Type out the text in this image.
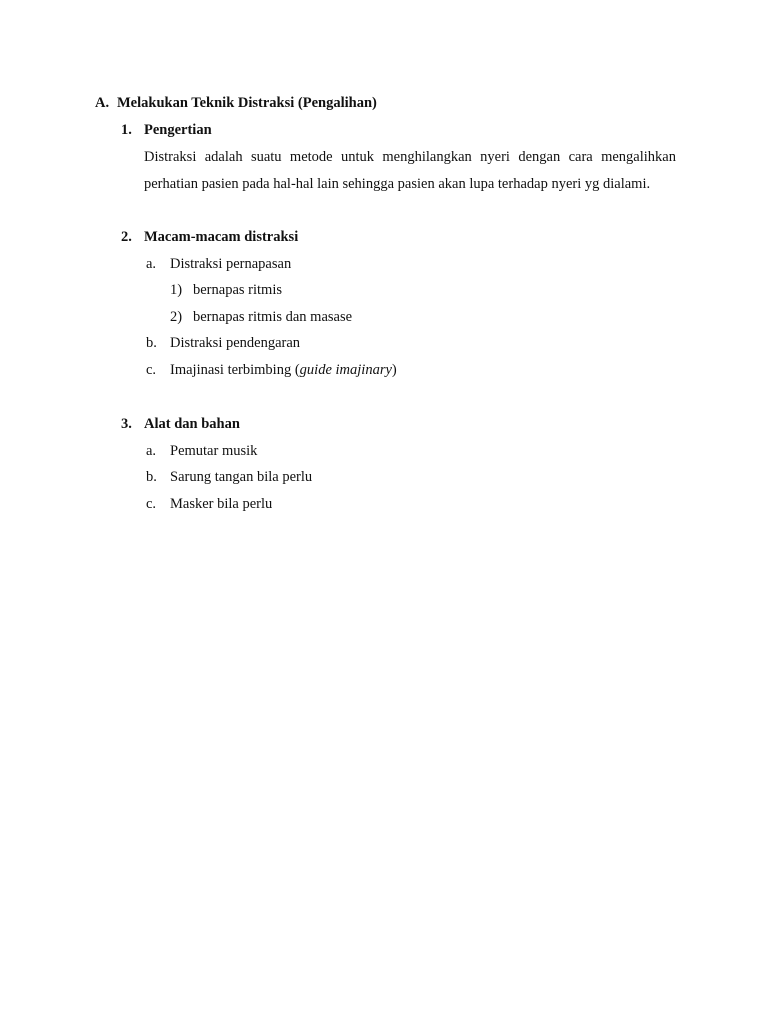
A. Melakukan Teknik Distraksi (Pengalihan)
1. Pengertian
Distraksi adalah suatu metode untuk menghilangkan nyeri dengan cara mengalihkan
perhatian pasien pada hal-hal lain sehingga pasien akan lupa terhadap nyeri yg dialami.
2. Macam-macam distraksi
a. Distraksi pernapasan
1) bernapas ritmis
2) bernapas ritmis dan masase
b. Distraksi pendengaran
c. Imajinasi terbimbing (guide imajinary)
3. Alat dan bahan
a. Pemutar musik
b. Sarung tangan bila perlu
c. Masker bila perlu
